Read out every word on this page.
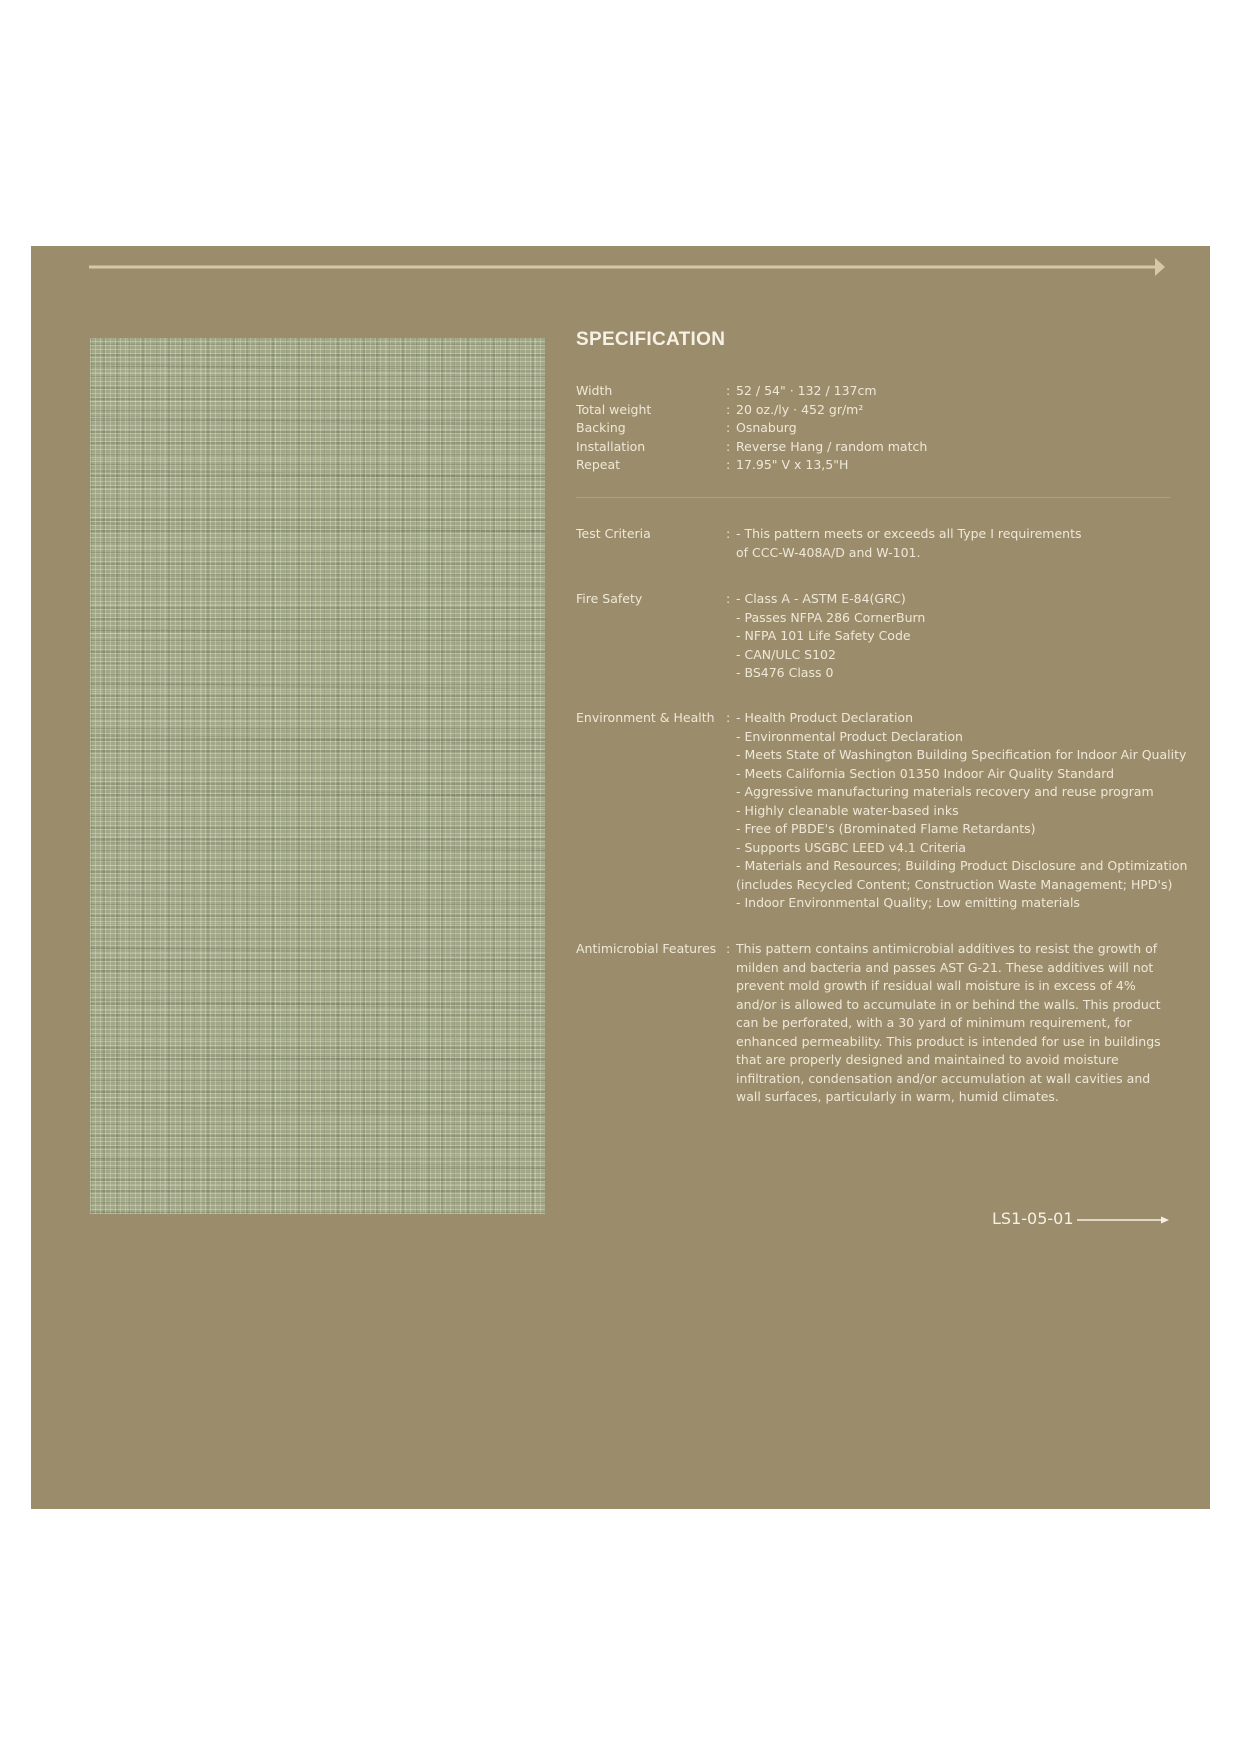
SPECIFICATION
Width	: 52 / 54" · 132 / 137cm
Total weight	: 20 oz./ly · 452 gr/m²
Backing	: Osnaburg
Installation	: Reverse Hang / random match
Repeat	: 17.95" V x 13,5"H
Test Criteria	: - This pattern meets or exceeds all Type I requirements
of CCC-W-408A/D and W-101.
Fire Safety	: - Class A - ASTM E-84(GRC)
- Passes NFPA 286 CornerBurn
- NFPA 101 Life Safety Code
- CAN/ULC S102
- BS476 Class 0
Environment & Health : - Health Product Declaration
- Environmental Product Declaration
- Meets State of Washington Building Specification for Indoor Air Quality
- Meets California Section 01350 Indoor Air Quality Standard
- Aggressive manufacturing materials recovery and reuse program
- Highly cleanable water-based inks
- Free of PBDE's (Brominated Flame Retardants)
- Supports USGBC LEED v4.1 Criteria
- Materials and Resources; Building Product Disclosure and Optimization
(includes Recycled Content; Construction Waste Management; HPD's)
- Indoor Environmental Quality; Low emitting materials
Antimicrobial Features : This pattern contains antimicrobial additives to resist the growth of milden and bacteria and passes AST G-21. These additives will not prevent mold growth if residual wall moisture is in excess of 4% and/or is allowed to accumulate in or behind the walls. This product can be perforated, with a 30 yard of minimum requirement, for enhanced permeability. This product is intended for use in buildings that are properly designed and maintained to avoid moisture infiltration, condensation and/or accumulation at wall cavities and wall surfaces, particularly in warm, humid climates.
LS1-05-01
